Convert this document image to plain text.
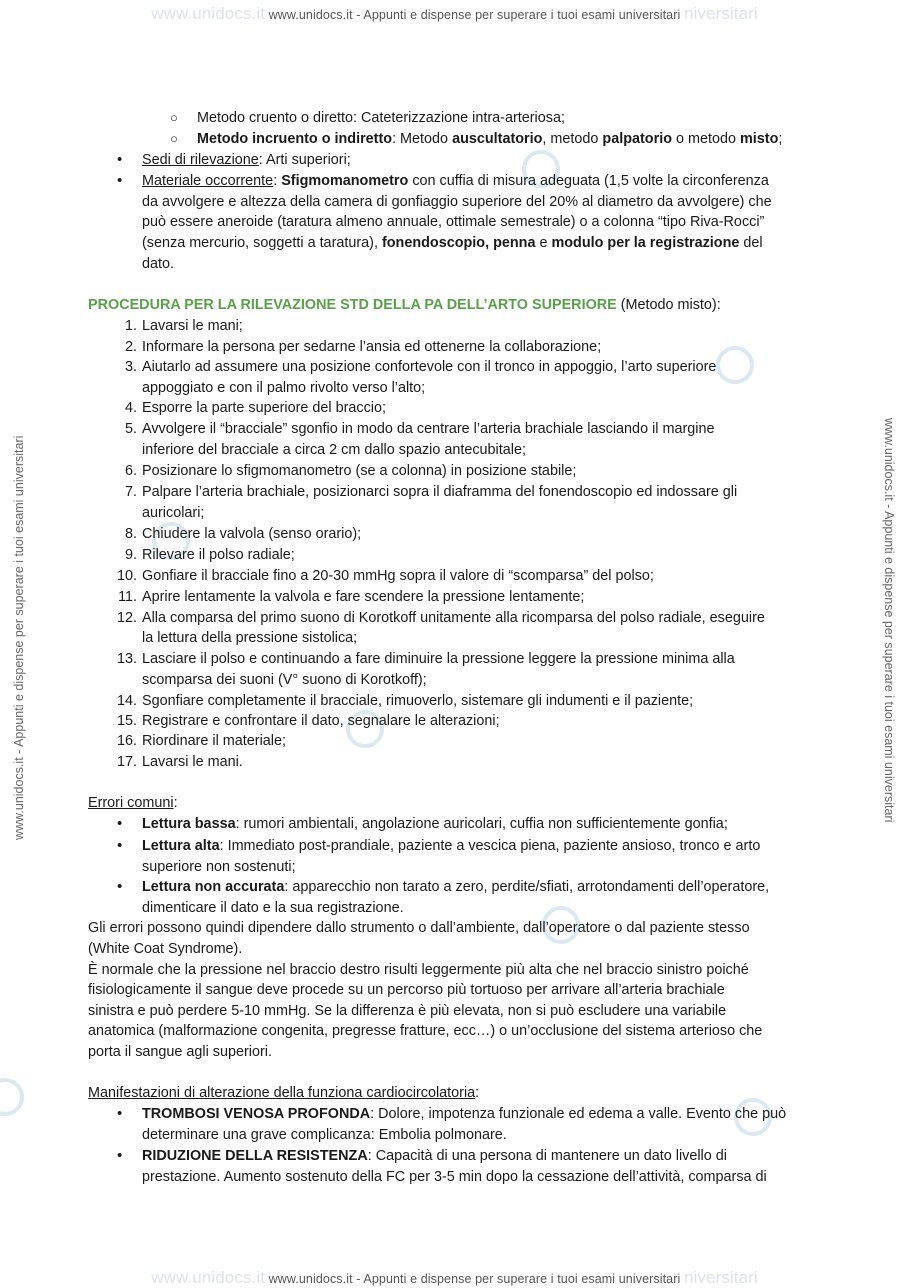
www.unidocs.it www.unidocs.it - Appunti e dispense per superare i tuoi esami universitari niversitari
www.unidocs.it www.unidocs.it - Appunti e dispense per superare i tuoi esami universitari niversitari
www.unidocs.it - Appunti e dispense per superare i tuoi esami universitari	www.unidocs.it - Appunti e dispense per superare i tuoi esami universitari
○ Metodo cruento o diretto: Cateterizzazione intra-arteriosa;
○ Metodo incruento o indiretto: Metodo auscultatorio, metodo palpatorio o metodo misto;
• Sedi di rilevazione: Arti superiori;
• Materiale occorrente: Sfigmomanometro con cuffia di misura adeguata (1,5 volte la circonferenza
da avvolgere e altezza della camera di gonfiaggio superiore del 20% al diametro da avvolgere) che
può essere aneroide (taratura almeno annuale, ottimale semestrale) o a colonna “tipo Riva-Rocci”
(senza mercurio, soggetti a taratura), fonendoscopio, penna e modulo per la registrazione del
dato.
PROCEDURA PER LA RILEVAZIONE STD DELLA PA DELL’ARTO SUPERIORE (Metodo misto):
1. Lavarsi le mani;
2. Informare la persona per sedarne l’ansia ed ottenerne la collaborazione;
3. Aiutarlo ad assumere una posizione confortevole con il tronco in appoggio, l’arto superiore
appoggiato e con il palmo rivolto verso l’alto;
4. Esporre la parte superiore del braccio;
5. Avvolgere il “bracciale” sgonfio in modo da centrare l’arteria brachiale lasciando il margine
inferiore del bracciale a circa 2 cm dallo spazio antecubitale;
6. Posizionare lo sfigmomanometro (se a colonna) in posizione stabile;
7. Palpare l’arteria brachiale, posizionarci sopra il diaframma del fonendoscopio ed indossare gli
auricolari;
8. Chiudere la valvola (senso orario);
9. Rilevare il polso radiale;
10. Gonfiare il bracciale fino a 20-30 mmHg sopra il valore di “scomparsa” del polso;
11. Aprire lentamente la valvola e fare scendere la pressione lentamente;
12. Alla comparsa del primo suono di Korotkoff unitamente alla ricomparsa del polso radiale, eseguire
la lettura della pressione sistolica;
13. Lasciare il polso e continuando a fare diminuire la pressione leggere la pressione minima alla
scomparsa dei suoni (V° suono di Korotkoff);
14. Sgonfiare completamente il bracciale, rimuoverlo, sistemare gli indumenti e il paziente;
15. Registrare e confrontare il dato, segnalare le alterazioni;
16. Riordinare il materiale;
17. Lavarsi le mani.
Errori comuni:
• Lettura bassa: rumori ambientali, angolazione auricolari, cuffia non sufficientemente gonfia;
• Lettura alta: Immediato post-prandiale, paziente a vescica piena, paziente ansioso, tronco e arto
superiore non sostenuti;
• Lettura non accurata: apparecchio non tarato a zero, perdite/sfiati, arrotondamenti dell’operatore,
dimenticare il dato e la sua registrazione.
Gli errori possono quindi dipendere dallo strumento o dall’ambiente, dall’operatore o dal paziente stesso
(White Coat Syndrome).
È normale che la pressione nel braccio destro risulti leggermente più alta che nel braccio sinistro poiché
fisiologicamente il sangue deve procede su un percorso più tortuoso per arrivare all’arteria brachiale
sinistra e può perdere 5-10 mmHg. Se la differenza è più elevata, non si può escludere una variabile
anatomica (malformazione congenita, pregresse fratture, ecc…) o un’occlusione del sistema arterioso che
porta il sangue agli superiori.
Manifestazioni di alterazione della funziona cardiocircolatoria:
• TROMBOSI VENOSA PROFONDA: Dolore, impotenza funzionale ed edema a valle. Evento che può
determinare una grave complicanza: Embolia polmonare.
• RIDUZIONE DELLA RESISTENZA: Capacità di una persona di mantenere un dato livello di
prestazione. Aumento sostenuto della FC per 3-5 min dopo la cessazione dell’attività, comparsa di
